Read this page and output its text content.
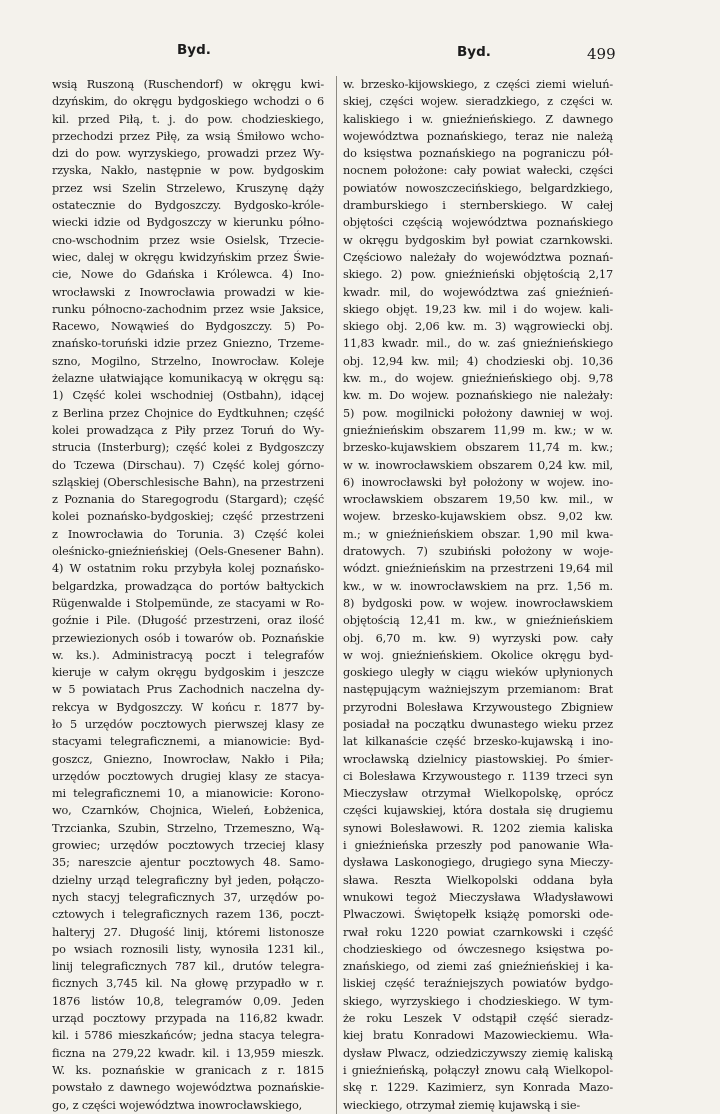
Byd.	Byd.	499
wsią Ruszoną (Ruschendorf) w okręgu kwi-
dzyńskim, do okręgu bydgoskiego wchodzi o 6
kil. przed Piłą, t. j. do pow. chodzieskiego,
przechodzi przez Piłę, za wsią Śmiłowo wcho-
dzi do pow. wyrzyskiego, prowadzi przez Wy-
rzyska, Nakło, następnie w pow. bydgoskim
przez wsi Szelin Strzelewo, Kruszynę dąży
ostatecznie do Bydgoszczy. Bydgosko-króle-
wiecki idzie od Bydgoszczy w kierunku półno-
cno-wschodnim przez wsie Osielsk, Trzecie-
wiec, dalej w okręgu kwidzyńskim przez Świe-
cie, Nowe do Gdańska i Królewca. 4) Ino-
wrocławski z Inowrocławia prowadzi w kie-
runku północno-zachodnim przez wsie Jaksice,
Racewo, Nowąwieś do Bydgoszczy. 5) Po-
znańsko-toruński idzie przez Gniezno, Trzeme-
szno, Mogilno, Strzelno, Inowrocław. Koleje
żelazne ułatwiające komunikacyą w okręgu są:
1) Część kolei wschodniej (Ostbahn), idącej
z Berlina przez Chojnice do Eydtkuhnen; część
kolei prowadząca z Piły przez Toruń do Wy-
strucia (Insterburg); część kolei z Bydgoszczy
do Tczewa (Dirschau). 7) Część kolej górno-
szląskiej (Oberschlesische Bahn), na przestrzeni
z Poznania do Staregogrodu (Stargard); część
kolei poznańsko-bydgoskiej; część przestrzeni
z Inowrocławia do Torunia. 3) Część kolei
oleśnicko-gnieźnieńskiej (Oels-Gnesener Bahn).
4) W ostatnim roku przybyła kolej poznańsko-
belgardzka, prowadząca do portów bałtyckich
Rügenwalde i Stolpemünde, ze stacyami w Ro-
goźnie i Pile. (Długość przestrzeni, oraz ilość
przewiezionych osób i towarów ob. Poznańskie
w. ks.). Administracyą poczt i telegrafów
kieruje w całym okręgu bydgoskim i jeszcze
w 5 powiatach Prus Zachodnich naczelna dy-
rekcya w Bydgoszczy. W końcu r. 1877 by-
ło 5 urzędów pocztowych pierwszej klasy ze
stacyami telegraficznemi, a mianowicie: Byd-
goszcz, Gniezno, Inowrocław, Nakło i Piła;
urzędów pocztowych drugiej klasy ze stacya-
mi telegraficznemi 10, a mianowicie: Korono-
wo, Czarnków, Chojnica, Wieleń, Łobżenica,
Trzcianka, Szubin, Strzelno, Trzemeszno, Wą-
growiec; urzędów pocztowych trzeciej klasy
35; nareszcie ajentur pocztowych 48. Samo-
dzielny urząd telegraficzny był jeden, połączo-
nych stacyj telegraficznych 37, urzędów po-
cztowych i telegraficznych razem 136, poczt-
halteryj 27. Długość linij, któremi listonosze
po wsiach roznosili listy, wynosiła 1231 kil.,
linij telegraficznych 787 kil., drutów telegra-
ficznych 3,745 kil. Na głowę przypadło w r.
1876 listów 10,8, telegramów 0,09. Jeden
urząd pocztowy przypada na 116,82 kwadr.
kil. i 5786 mieszkańców; jedna stacya telegra-
ficzna na 279,22 kwadr. kil. i 13,959 mieszk.
W. ks. poznańskie w granicach z r. 1815
powstało z dawnego województwa poznańskie-
go, z części województwa inowrocławskiego,
w. brzesko-kijowskiego, z części ziemi wieluń-
skiej, części wojew. sieradzkiego, z części w.
kaliskiego i w. gnieźnieńskiego. Z dawnego
województwa poznańskiego, teraz nie należą
do księstwa poznańskiego na pograniczu pół-
nocnem położone: cały powiat wałecki, części
powiatów nowoszczecińskiego, belgardzkiego,
dramburskiego i sternberskiego. W całej
objętości częścią województwa poznańskiego
w okręgu bydgoskim był powiat czarnkowski.
Częściowo należały do województwa poznań-
skiego. 2) pow. gnieźnieński objętością 2,17
kwadr. mil, do województwa zaś gnieźnień-
skiego objęt. 19,23 kw. mil i do wojew. kali-
skiego obj. 2,06 kw. m. 3) wągrowiecki obj.
11,83 kwadr. mil., do w. zaś gnieźnieńskiego
obj. 12,94 kw. mil; 4) chodzieski obj. 10,36
kw. m., do wojew. gnieźnieńskiego obj. 9,78
kw. m. Do wojew. poznańskiego nie należały:
5) pow. mogilnicki położony dawniej w woj.
gnieźnieńskim obszarem 11,99 m. kw.; w w.
brzesko-kujawskiem obszarem 11,74 m. kw.;
w w. inowrocławskiem obszarem 0,24 kw. mil,
6) inowrocławski był położony w wojew. ino-
wrocławskiem obszarem 19,50 kw. mil., w
wojew. brzesko-kujawskiem obsz. 9,02 kw.
m.; w gnieźnieńskiem obszar. 1,90 mil kwa-
dratowych. 7) szubiński położony w woje-
wództ. gnieźnieńskim na przestrzeni 19,64 mil
kw., w w. inowrocławskiem na prz. 1,56 m.
8) bydgoski pow. w wojew. inowrocławskiem
objętością 12,41 m. kw., w gnieźnieńskiem
obj. 6,70 m. kw. 9) wyrzyski pow. cały
w woj. gnieźnieńskiem. Okolice okręgu byd-
goskiego uległy w ciągu wieków upłynionych
następującym ważniejszym przemianom: Brat
przyrodni Bolesława Krzywoustego Zbigniew
posiadał na początku dwunastego wieku przez
lat kilkanaście część brzesko-kujawską i ino-
wrocławską dzielnicy piastowskiej. Po śmier-
ci Bolesława Krzywoustego r. 1139 trzeci syn
Mieczysław otrzymał Wielkopolskę, oprócz
części kujawskiej, która dostała się drugiemu
synowi Bolesławowi. R. 1202 ziemia kaliska
i gnieźnieńska przeszły pod panowanie Wła-
dysława Laskonogiego, drugiego syna Mieczy-
sława. Reszta Wielkopolski oddana była
wnukowi tegoż Mieczysława Władysławowi
Plwaczowi. Świętopełk książę pomorski ode-
rwał roku 1220 powiat czarnkowski i część
chodzieskiego od ówczesnego księstwa po-
znańskiego, od ziemi zaś gnieźnieńskiej i ka-
liskiej część teraźniejszych powiatów bydgo-
skiego, wyrzyskiego i chodzieskiego. W tym-
że roku Leszek V odstąpił część sieradz-
kiej bratu Konradowi Mazowieckiemu. Wła-
dysław Plwacz, odziedziczywszy ziemię kaliską
i gnieźnieńską, połączył znowu całą Wielkopol-
skę r. 1229. Kazimierz, syn Konrada Mazo-
wieckiego, otrzymał ziemię kujawską i sie-
